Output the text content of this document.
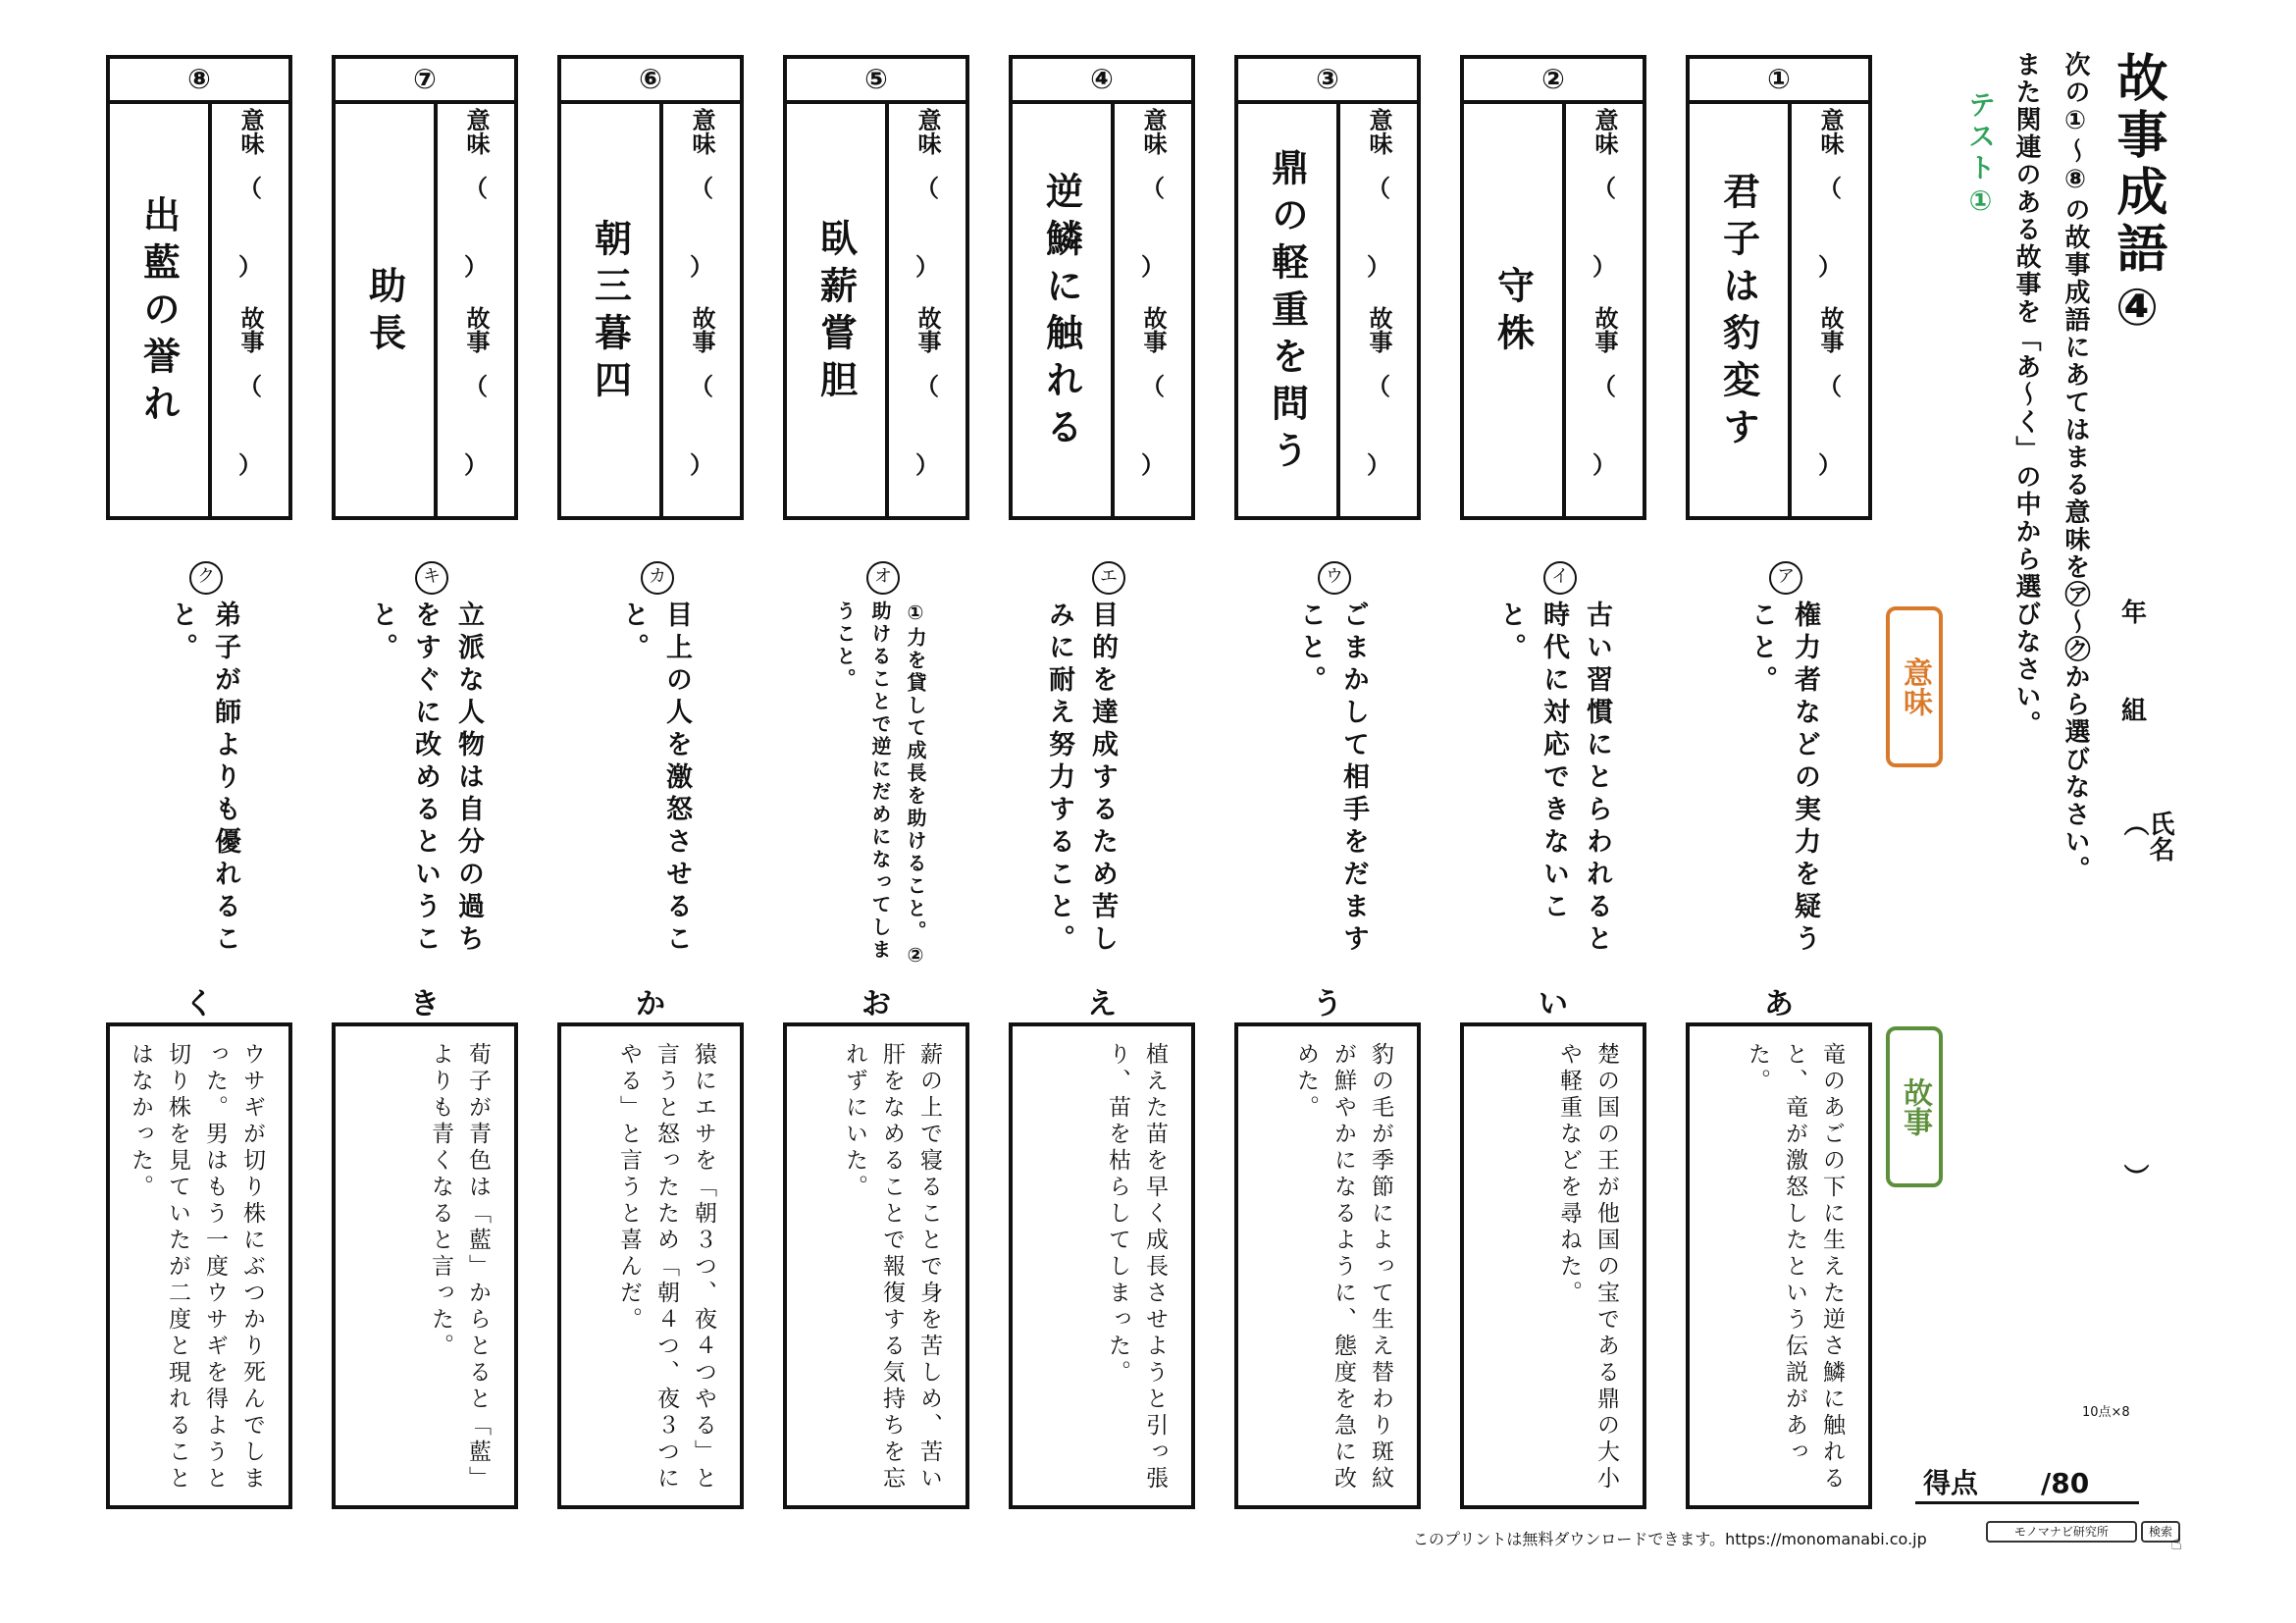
故事成語④
次の①～⑧の故事成語にあてはまる意味を㋐～㋗から選びなさい。
また関連のある故事を「あ～く」の中から選びなさい。
テスト①
年
組
氏名（
）
意味
故事
①
君子は豹変す
意味
（
）
故事
（
）
②
守株
意味
（
）
故事
（
）
③
鼎の軽重を問う
意味
（
）
故事
（
）
④
逆鱗に触れる
意味
（
）
故事
（
）
⑤
臥薪嘗胆
意味
（
）
故事
（
）
⑥
朝三暮四
意味
（
）
故事
（
）
⑦
助長
意味
（
）
故事
（
）
⑧
出藍の誉れ
意味
（
）
故事
（
）
ア
権力者などの実力を疑うこと。
イ
古い習慣にとらわれると時代に対応できないこと。
ウ
ごまかして相手をだますこと。
エ
目的を達成するため苦しみに耐え努力すること。
オ
①力を貸して成長を助けること。②助けることで逆にだめになってしまうこと。
カ
目上の人を激怒させること。
キ
立派な人物は自分の過ちをすぐに改めるということ。
ク
弟子が師よりも優れること。
あ
竜のあごの下に生えた逆さ鱗に触れると、竜が激怒したという伝説があった。
い
楚の国の王が他国の宝である鼎の大小や軽重などを尋ねた。
う
豹の毛が季節によって生え替わり斑紋が鮮やかになるように、態度を急に改めた。
え
植えた苗を早く成長させようと引っ張り、苗を枯らしてしまった。
お
薪の上で寝ることで身を苦しめ、苦い肝をなめることで報復する気持ちを忘れずにいた。
か
猿にエサを「朝３つ、夜４つやる」と言うと怒ったため「朝４つ、夜３つにやる」と言うと喜んだ。
き
荀子が青色は「藍」からとると「藍」よりも青くなると言った。
く
ウサギが切り株にぶつかり死んでしまった。男はもう一度ウサギを得ようと切り株を見ていたが二度と現れることはなかった。
10点×8
得点 /80
このプリントは無料ダウンロードできます。https://monomanabi.co.jp	モノマナビ研究所	検索
☝
